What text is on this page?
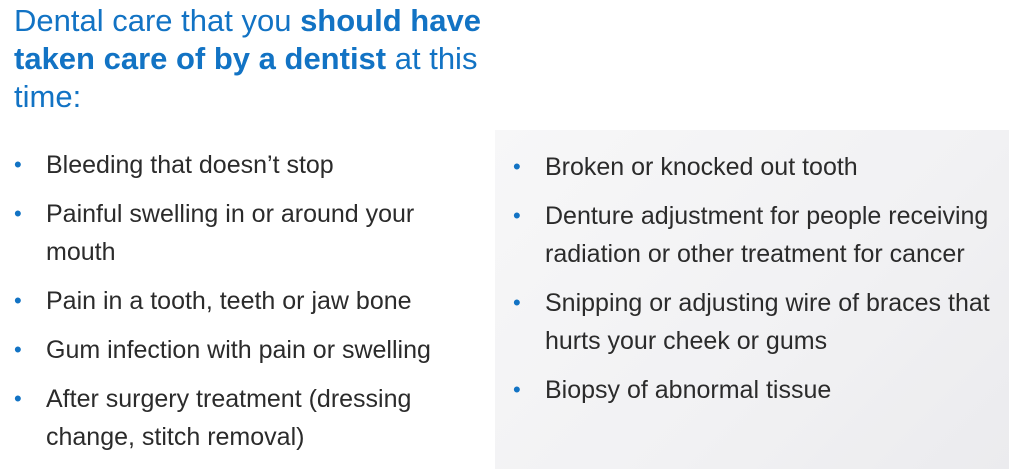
Dental care that you should have taken care of by a dentist at this time:
• Bleeding that doesn’t stop
• Painful swelling in or around your mouth
• Pain in a tooth, teeth or jaw bone
• Gum infection with pain or swelling
• After surgery treatment (dressing change, stitch removal)
• Broken or knocked out tooth
• Denture adjustment for people receiving radiation or other treatment for cancer
• Snipping or adjusting wire of braces that hurts your cheek or gums
• Biopsy of abnormal tissue
